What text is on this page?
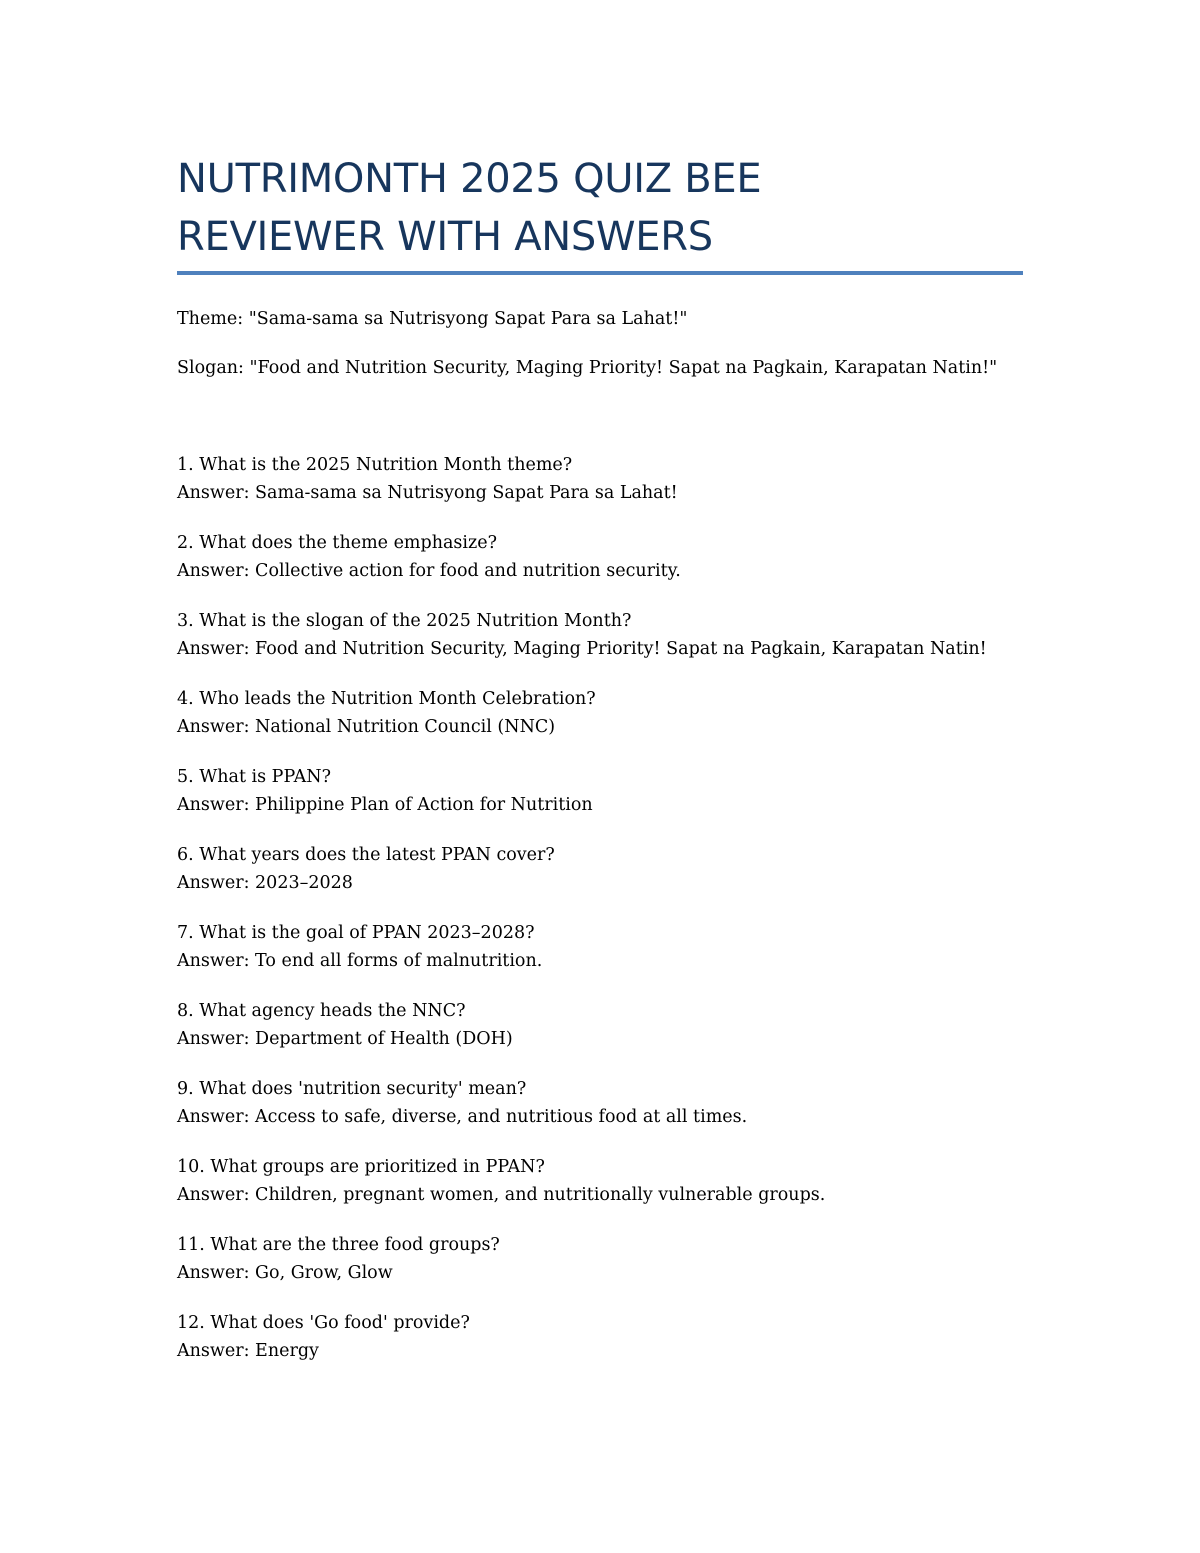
NUTRIMONTH 2025 QUIZ BEE
REVIEWER WITH ANSWERS

Theme: "Sama-sama sa Nutrisyong Sapat Para sa Lahat!"

Slogan: "Food and Nutrition Security, Maging Priority! Sapat na Pagkain, Karapatan Natin!"

1. What is the 2025 Nutrition Month theme?

Answer: Sama-sama sa Nutrisyong Sapat Para sa Lahat!

2. What does the theme emphasize?

Answer: Collective action for food and nutrition security.

3. What is the slogan of the 2025 Nutrition Month?

Answer: Food and Nutrition Security, Maging Priority! Sapat na Pagkain, Karapatan Natin!

4. Who leads the Nutrition Month Celebration?

Answer: National Nutrition Council (NNC)

5. What is PPAN?

Answer: Philippine Plan of Action for Nutrition

6. What years does the latest PPAN cover?

Answer: 2023–2028

7. What is the goal of PPAN 2023–2028?

Answer: To end all forms of malnutrition.

8. What agency heads the NNC?

Answer: Department of Health (DOH)

9. What does 'nutrition security' mean?

Answer: Access to safe, diverse, and nutritious food at all times.

10. What groups are prioritized in PPAN?

Answer: Children, pregnant women, and nutritionally vulnerable groups.

11. What are the three food groups?

Answer: Go, Grow, Glow

12. What does 'Go food' provide?

Answer: Energy
